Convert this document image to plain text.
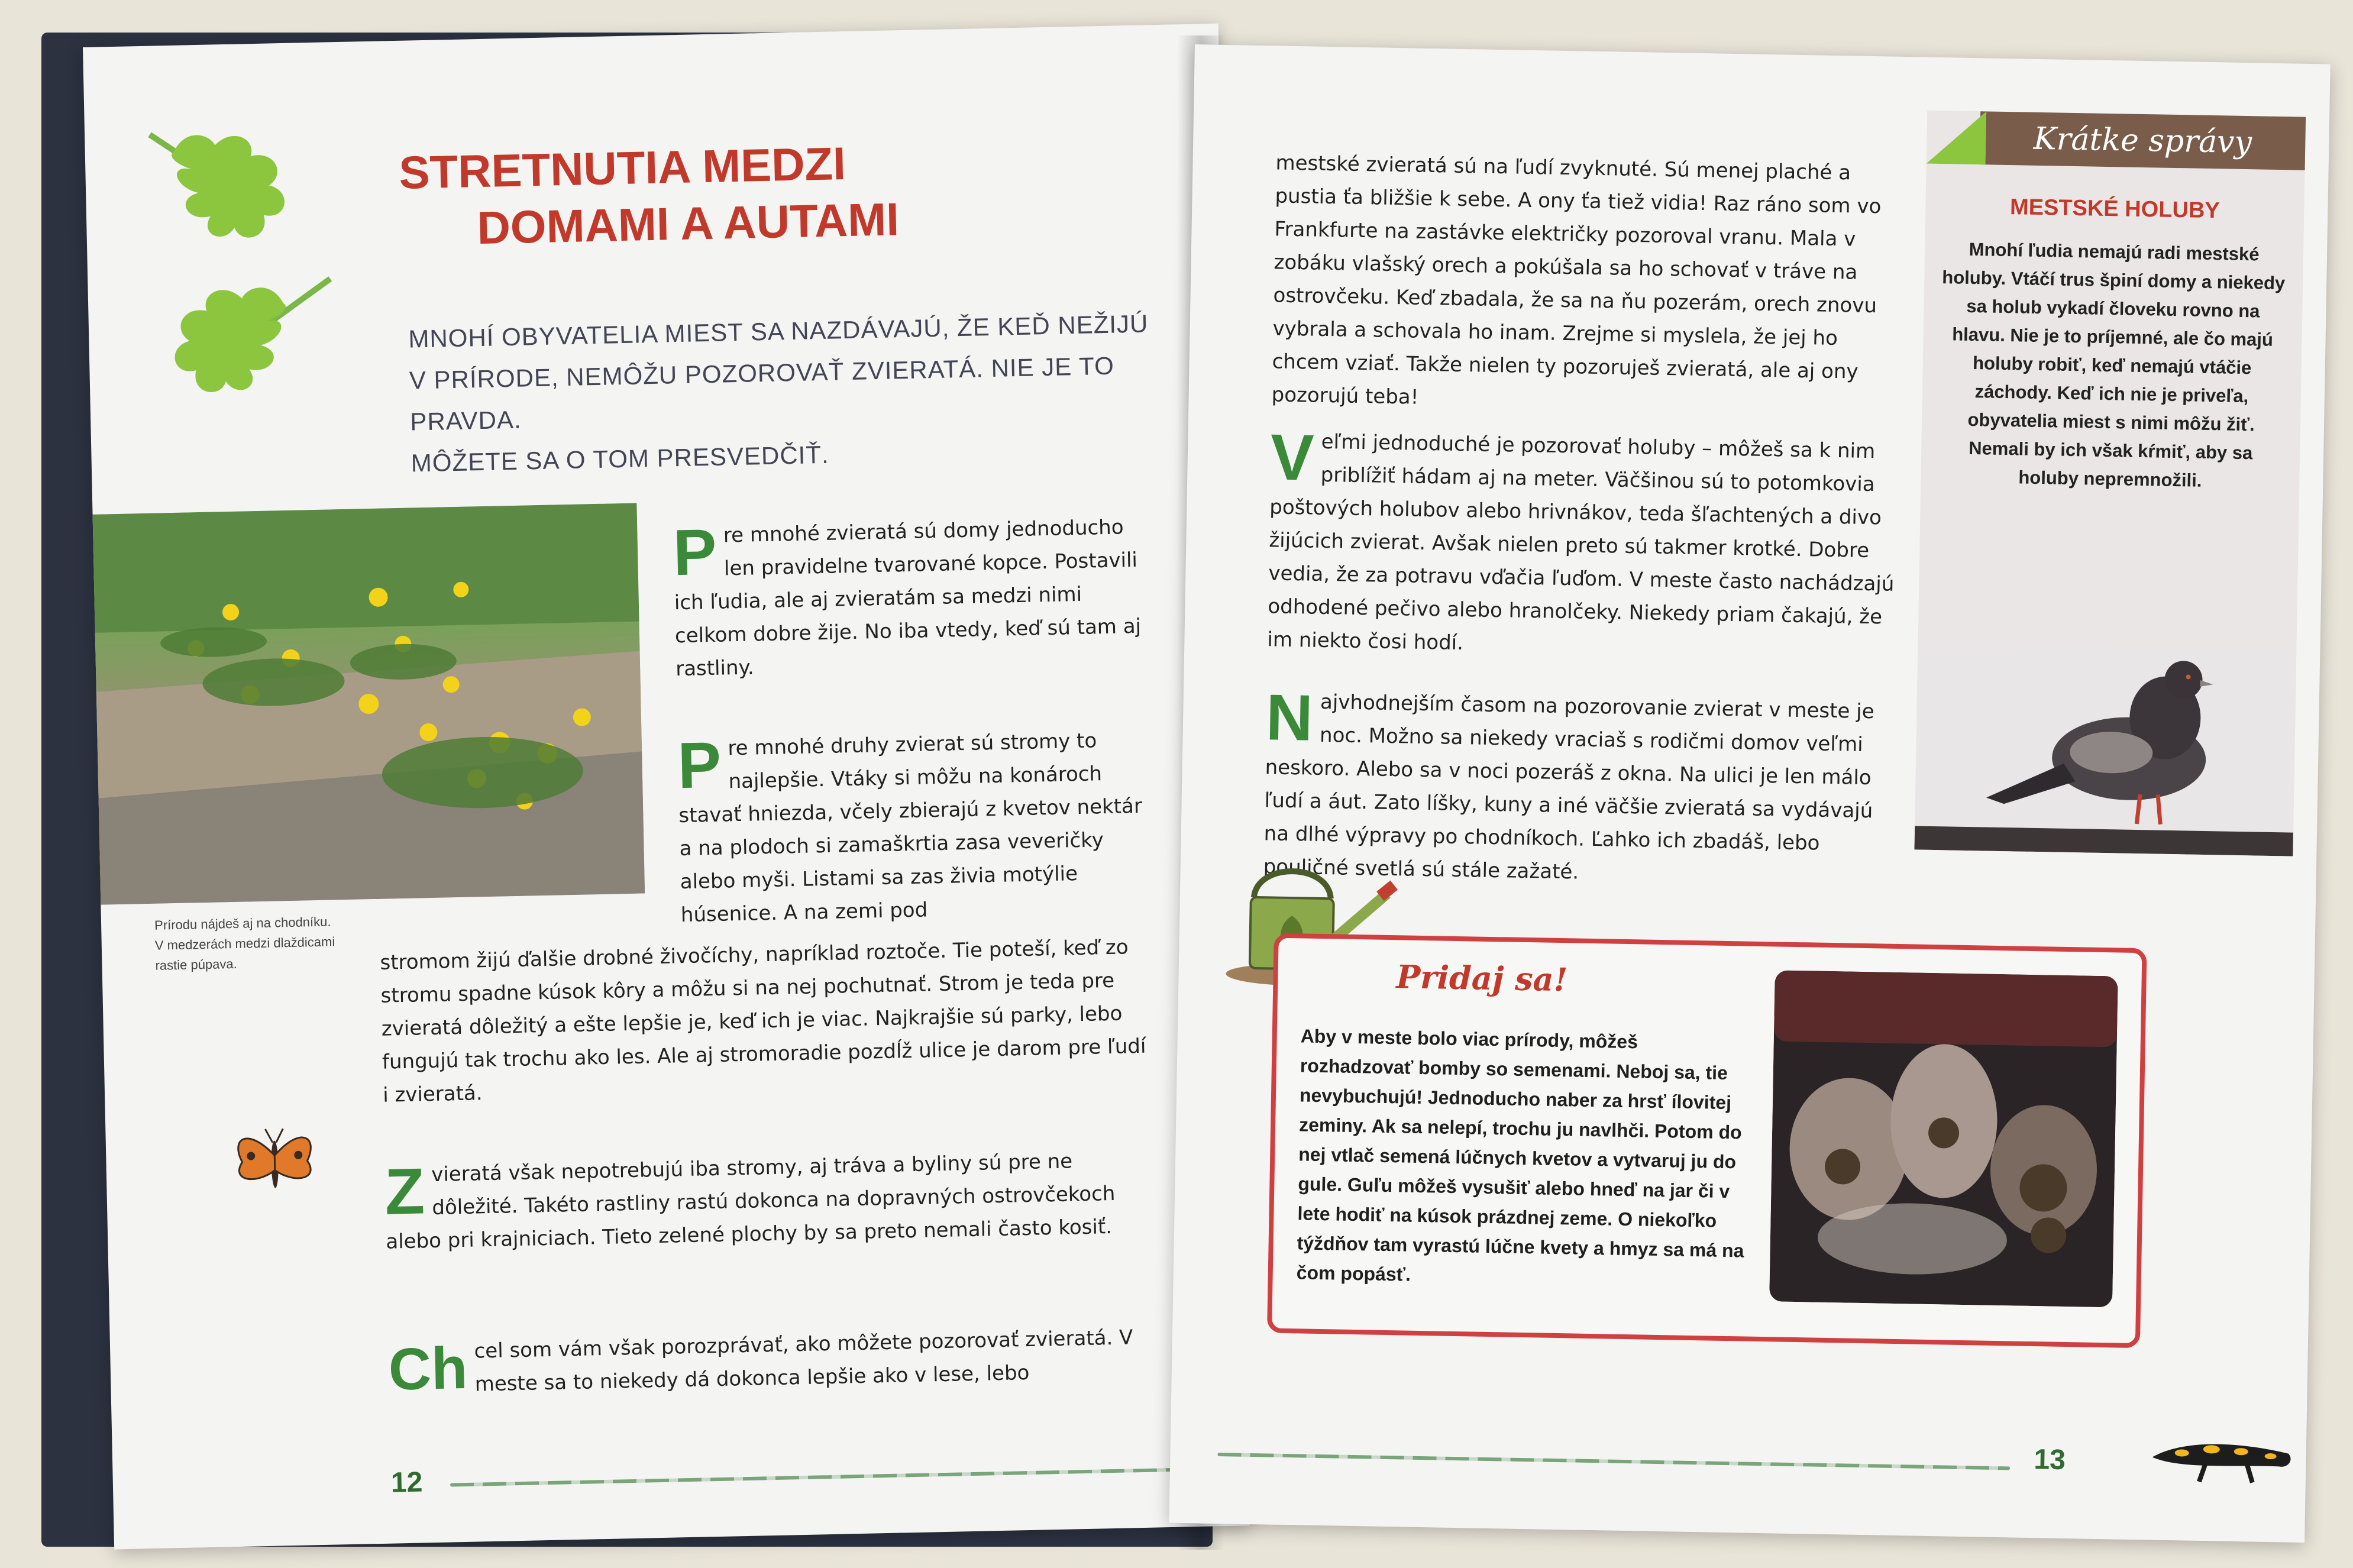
STRETNUTIA MEDZI
DOMAMI A AUTAMI
MNOHÍ OBYVATELIA MIEST SA NAZDÁVAJÚ, ŽE KEĎ NEŽIJÚ
V PRÍRODE, NEMÔŽU POZOROVAŤ ZVIERATÁ. NIE JE TO PRAVDA.
MÔŽETE SA O TOM PRESVEDČIŤ.
Prírodu nájdeš aj na chodníku.
V medzerách medzi dlaždicami
rastie púpava.
P re mnohé zvieratá sú domy jednoducho len pravidelne tvarované kopce. Postavili ich ľudia, ale aj zvieratám sa medzi nimi celkom dobre žije. No iba vtedy, keď sú tam aj rastliny.
P re mnohé druhy zvierat sú stromy to najlepšie. Vtáky si môžu na konároch stavať hniezda, včely zbierajú z kvetov nektár a na plodoch si zamaškrtia zasa veveričky alebo myši. Listami sa zas živia motýlie húsenice. A na zemi pod
stromom žijú ďalšie drobné živočíchy, napríklad roztoče. Tie poteší, keď zo stromu spadne kúsok kôry a môžu si na nej pochutnať. Strom je teda pre zvieratá dôležitý a ešte lepšie je, keď ich je viac. Najkrajšie sú parky, lebo fungujú tak trochu ako les. Ale aj stromoradie pozdĺž ulice je darom pre ľudí i zvieratá.
Z vieratá však nepotrebujú iba stromy, aj tráva a byliny sú pre ne dôležité. Takéto rastliny rastú dokonca na dopravných ostrovčekoch alebo pri krajniciach. Tieto zelené plochy by sa preto nemali často kosiť.
Ch cel som vám však porozprávať, ako môžete pozorovať zvieratá. V meste sa to niekedy dá dokonca lepšie ako v lese, lebo
12
mestské zvieratá sú na ľudí zvyknuté. Sú menej plaché a pustia ťa bližšie k sebe. A ony ťa tiež vidia! Raz ráno som vo Frankfurte na zastávke električky pozoroval vranu. Mala v zobáku vlašský orech a pokúšala sa ho schovať v tráve na ostrovčeku. Keď zbadala, že sa na ňu pozerám, orech znovu vybrala a schovala ho inam. Zrejme si myslela, že jej ho chcem vziať. Takže nielen ty pozoruješ zvieratá, ale aj ony pozorujú teba!
V eľmi jednoduché je pozorovať holuby – môžeš sa k nim priblížiť hádam aj na meter. Väčšinou sú to potomkovia poštových holubov alebo hrivnákov, teda šľachtených a divo žijúcich zvierat. Avšak nielen preto sú takmer krotké. Dobre vedia, že za potravu vďačia ľuďom. V meste často nachádzajú odhodené pečivo alebo hranolčeky. Niekedy priam čakajú, že im niekto čosi hodí.
N ajvhodnejším časom na pozorovanie zvierat v meste je noc. Možno sa niekedy vraciaš s rodičmi domov veľmi neskoro. Alebo sa v noci pozeráš z okna. Na ulici je len málo ľudí a áut. Zato líšky, kuny a iné väčšie zvieratá sa vydávajú na dlhé výpravy po chodníkoch. Ľahko ich zbadáš, lebo pouličné svetlá sú stále zažaté.
Krátke správy
MESTSKÉ HOLUBY
Mnohí ľudia nemajú radi mestské holuby. Vtáčí trus špiní domy a niekedy sa holub vykadí človeku rovno na hlavu. Nie je to príjemné, ale čo majú holuby robiť, keď nemajú vtáčie záchody. Keď ich nie je priveľa, obyvatelia miest s nimi môžu žiť. Nemali by ich však kŕmiť, aby sa holuby nepremnožili.
Pridaj sa!
Aby v meste bolo viac prírody, môžeš rozhadzovať bomby so semenami. Neboj sa, tie nevybuchujú! Jednoducho naber za hrsť ílovitej zeminy. Ak sa nelepí, trochu ju navlhči. Potom do nej vtlač semená lúčnych kvetov a vytvaruj ju do gule. Guľu môžeš vysušiť alebo hneď na jar či v lete hodiť na kúsok prázdnej zeme. O niekoľko týždňov tam vyrastú lúčne kvety a hmyz sa má na čom popásť.
13
